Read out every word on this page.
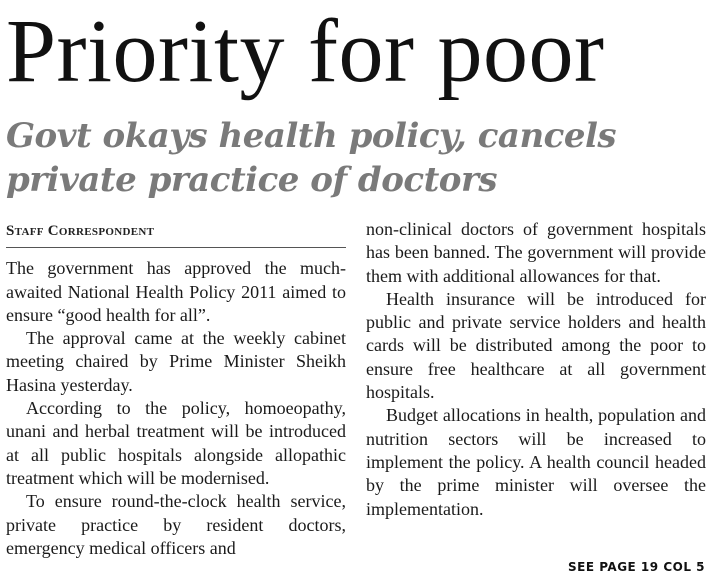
Priority for poor
Govt okays health policy, cancels
private practice of doctors
Staff Correspondent

The government has approved the much-awaited National Health Policy 2011 aimed to ensure “good health for all”.

The approval came at the weekly cabinet meeting chaired by Prime Minister Sheikh Hasina yesterday.

According to the policy, homoeopathy, unani and herbal treatment will be introduced at all public hospitals alongside allopathic treatment which will be modernised.

To ensure round-the-clock health service, private practice by resident doctors, emergency medical officers and

non-clinical doctors of government hospitals has been banned. The government will provide them with additional allowances for that.

Health insurance will be introduced for public and private service holders and health cards will be distributed among the poor to ensure free healthcare at all government hospitals.

Budget allocations in health, population and nutrition sectors will be increased to implement the policy. A health council headed by the prime minister will oversee the implementation.

SEE PAGE 19 COL 5
